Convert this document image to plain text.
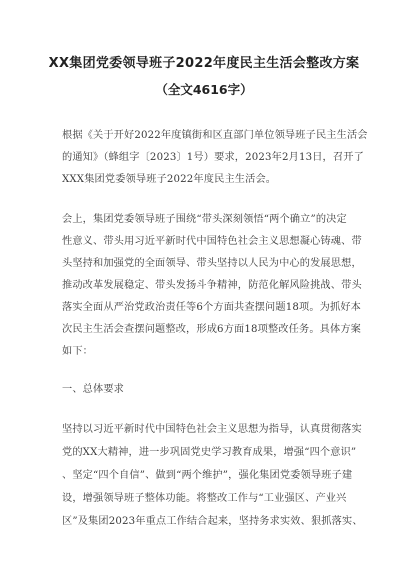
XX集团党委领导班子2022年度民主生活会整改方案
（全文4616字）
根据《关于开好2022年度镇街和区直部门单位领导班子民主生活会
的通知》（蜂组字〔2023〕1号）要求，2023年2月13日，召开了
XXX集团党委领导班子2022年度民主生活会。
会上，集团党委领导班子围绕“带头深刻领悟“两个确立”的决定
性意义、带头用习近平新时代中国特色社会主义思想凝心铸魂、带
头坚持和加强党的全面领导、带头坚持以人民为中心的发展思想，
推动改革发展稳定、带头发扬斗争精神，防范化解风险挑战、带头
落实全面从严治党政治责任等6个方面共查摆问题18项。为抓好本
次民主生活会查摆问题整改，形成6方面18项整改任务。具体方案
如下：
一、总体要求
坚持以习近平新时代中国特色社会主义思想为指导，认真贯彻落实
党的XX大精神，进一步巩固党史学习教育成果，增强“四个意识”
、坚定“四个自信”、做到“两个维护”，强化集团党委领导班子建
设，增强领导班子整体功能。将整改工作与“工业强区、产业兴
区”及集团2023年重点工作结合起来，坚持务求实效、狠抓落实、
